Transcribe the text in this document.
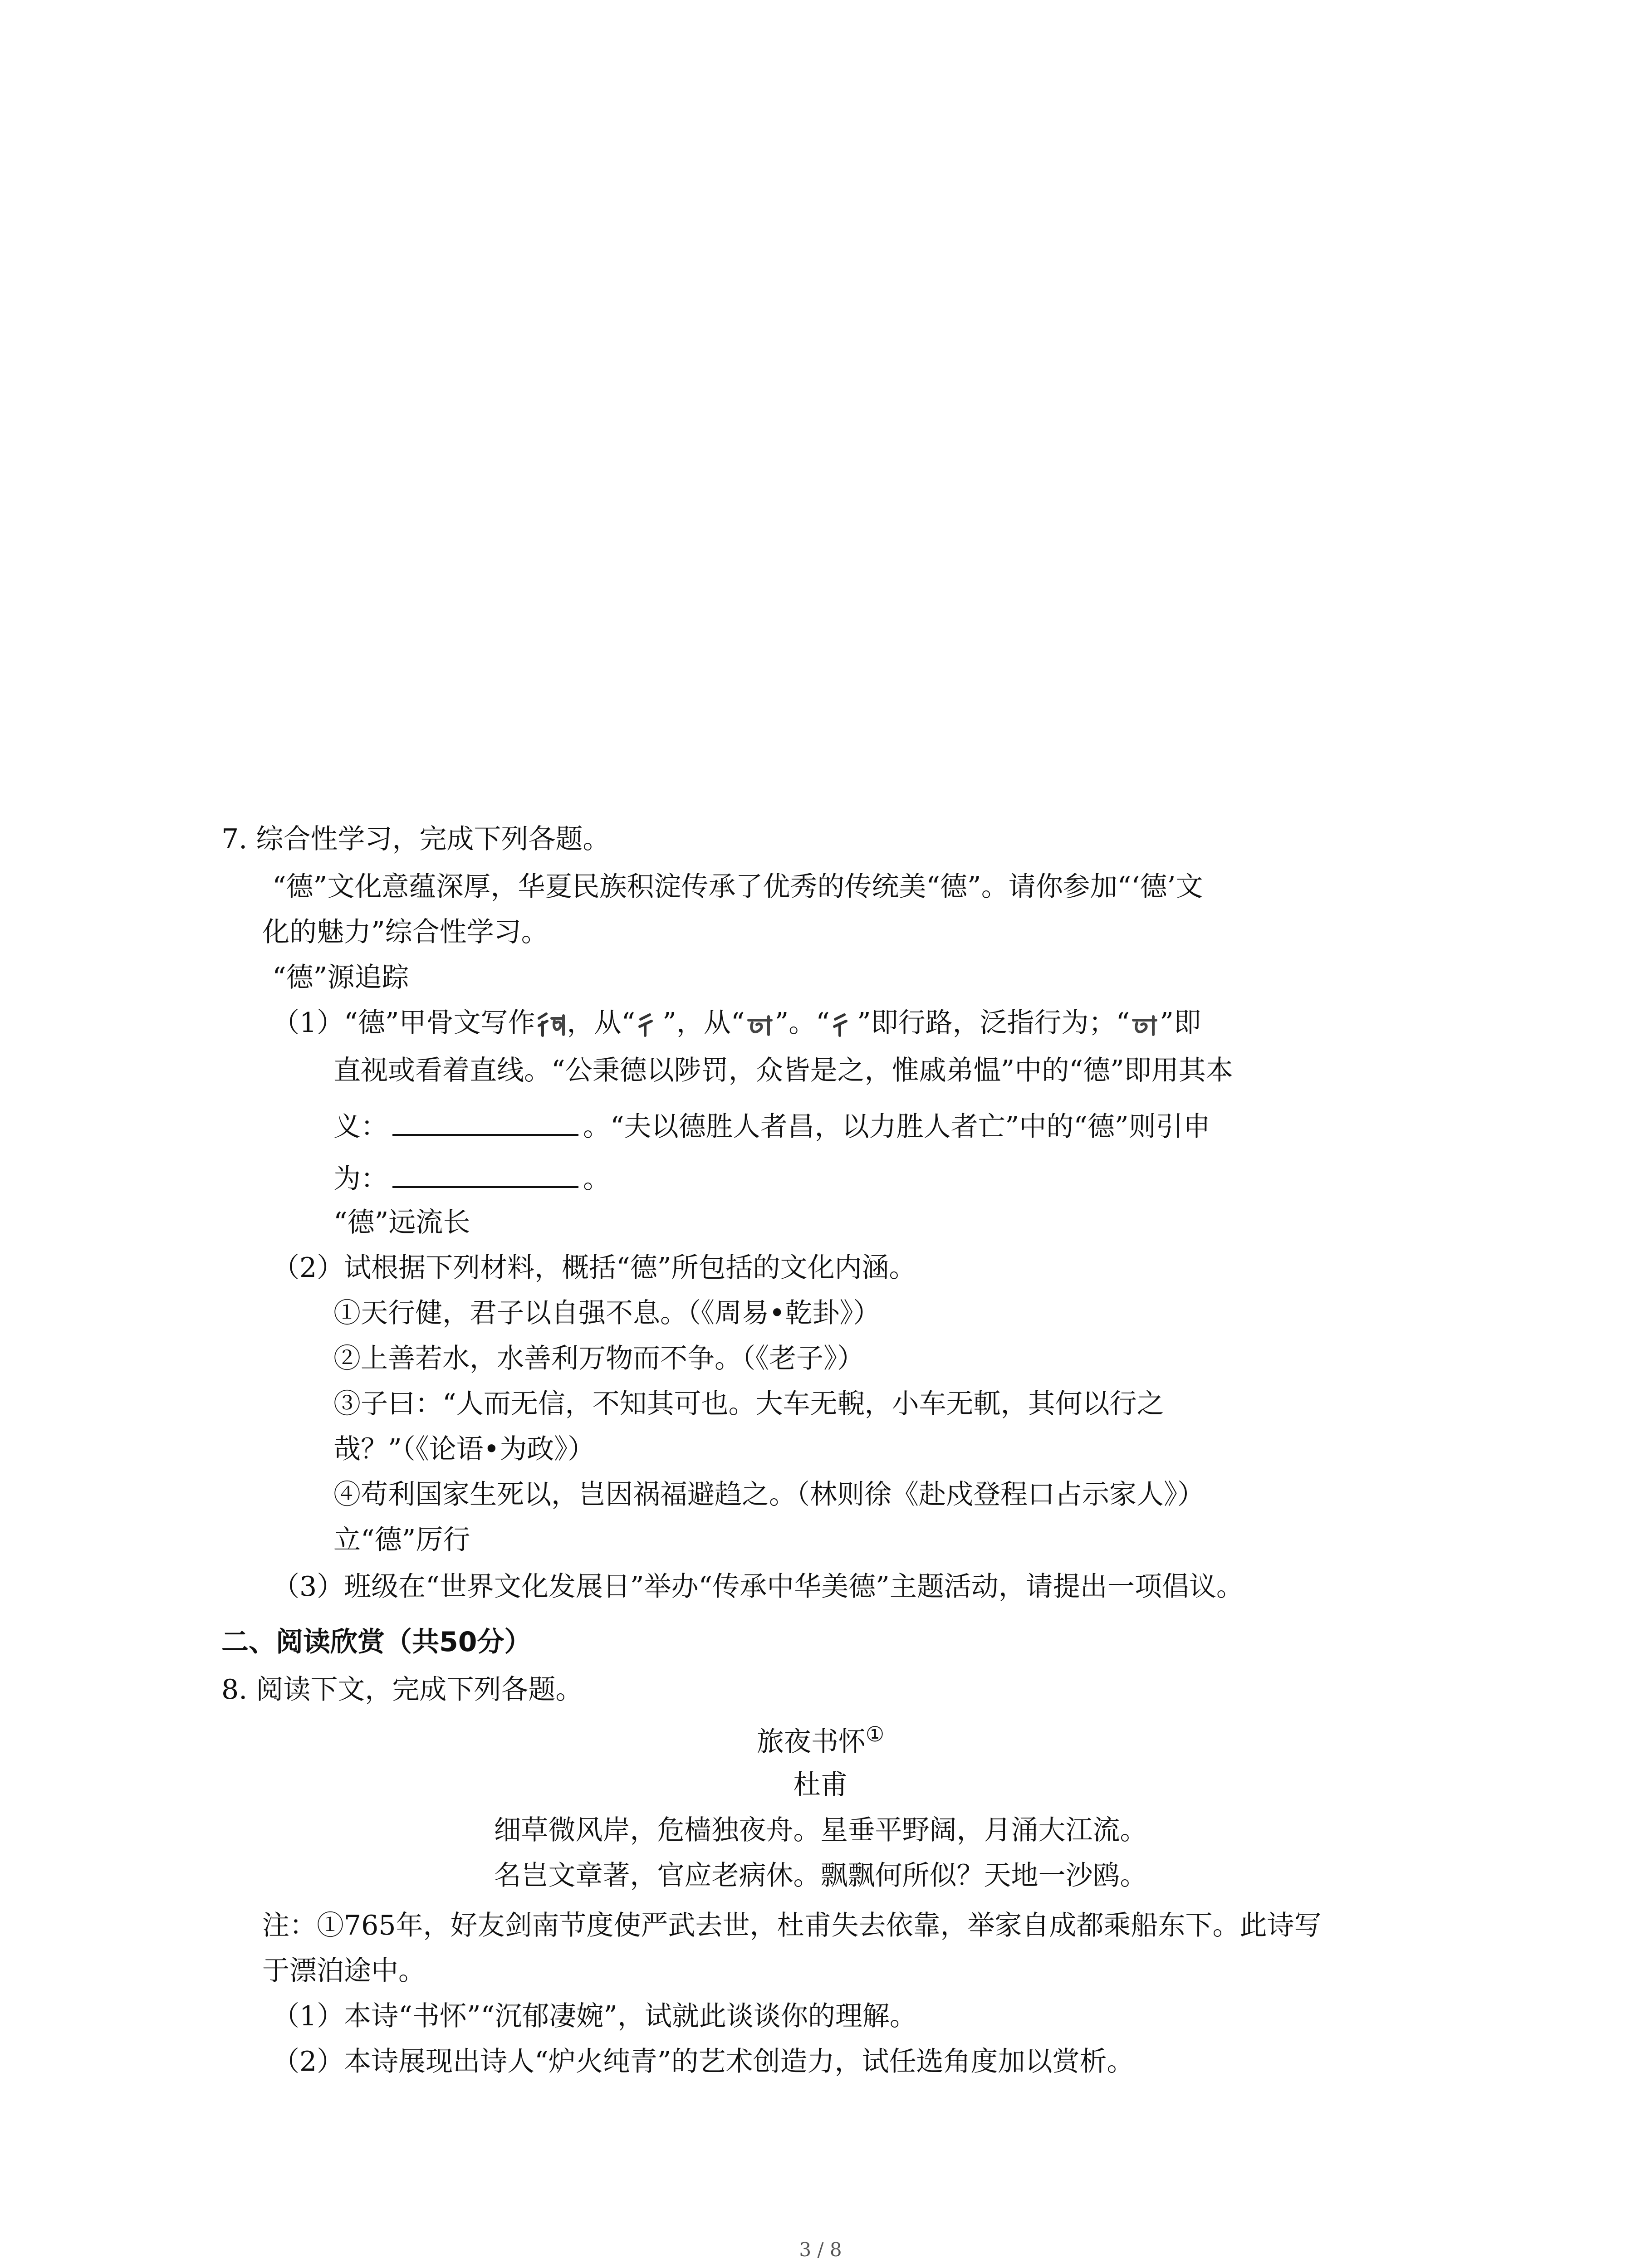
7. 综合性学习，完成下列各题。
“德”文化意蕴深厚，华夏民族积淀传承了优秀的传统美“德”。请你参加“‘德’文
化的魅力”综合性学习。
“德”源追踪
（1）“德”甲骨文写作 ，从“ ”，从“ ”。“ ”即行路，泛指行为；“ ”即
直视或看着直线。“公秉德以陟罚，众皆是之，惟戚弟愠”中的“德”即用其本
义：	。“夫以德胜人者昌，以力胜人者亡”中的“德”则引申
为：	。
“德”远流长
（2）试根据下列材料，概括“德”所包括的文化内涵。
①天行健，君子以自强不息。（《周易•乾卦》）
②上善若水，水善利万物而不争。（《老子》）
③子曰：“人而无信，不知其可也。大车无輗，小车无軏，其何以行之
哉？”（《论语•为政》）
④苟利国家生死以，岂因祸福避趋之。（林则徐《赴戍登程口占示家人》）
立“德”厉行
（3）班级在“世界文化发展日”举办“传承中华美德”主题活动，请提出一项倡议。
二、阅读欣赏（共50分）
8. 阅读下文，完成下列各题。
旅夜书怀①
杜甫
细草微风岸，危樯独夜舟。星垂平野阔，月涌大江流。
名岂文章著，官应老病休。飘飘何所似？天地一沙鸥。
注：①765年，好友剑南节度使严武去世，杜甫失去依靠，举家自成都乘船东下。此诗写
于漂泊途中。
（1）本诗“书怀”“沉郁凄婉”，试就此谈谈你的理解。
（2）本诗展现出诗人“炉火纯青”的艺术创造力，试任选角度加以赏析。
3 / 8
